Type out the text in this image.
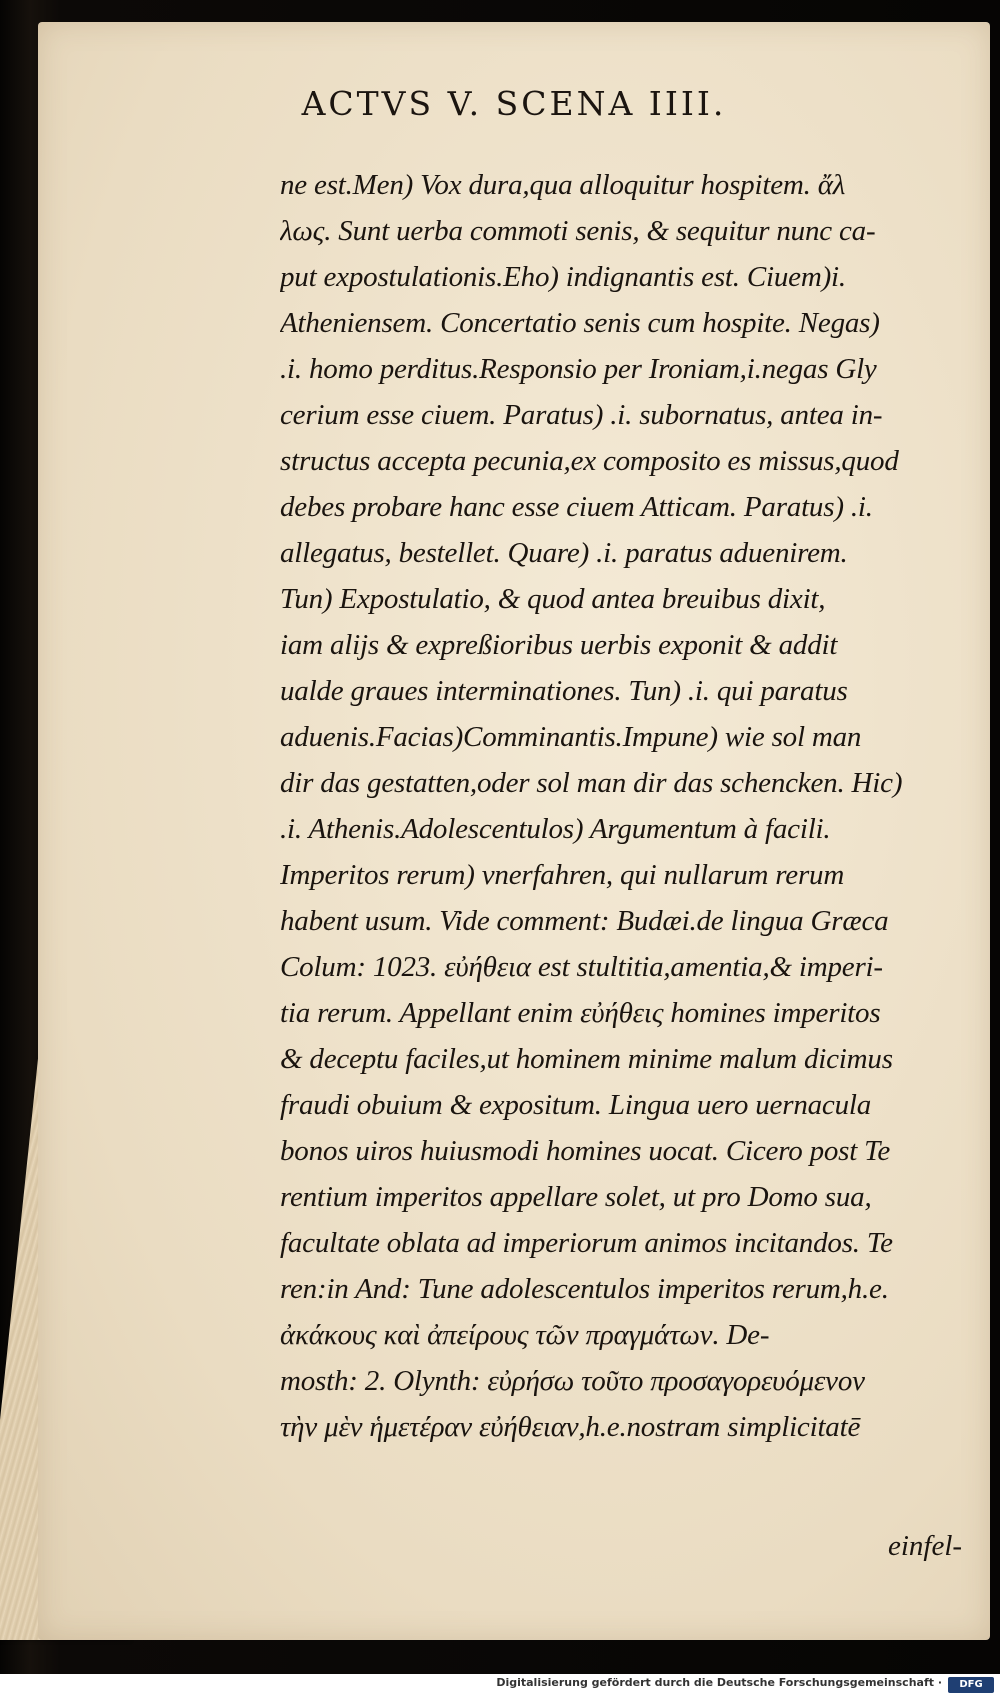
ACTVS V. SCENA IIII.
ne est.Men) Vox dura,qua alloquitur hospitem. ἄλ
λως. Sunt uerba commoti senis, & sequitur nunc ca-
put expostulationis.Eho) indignantis est. Ciuem)i.
Atheniensem. Concertatio senis cum hospite. Negas)
.i. homo perditus.Responsio per Ironiam,i.negas Gly
cerium esse ciuem. Paratus) .i. subornatus, antea in-
structus accepta pecunia,ex composito es missus,quod
debes probare hanc esse ciuem Atticam. Paratus) .i.
allegatus, bestellet. Quare) .i. paratus aduenirem.
Tun) Expostulatio, & quod antea breuibus dixit,
iam alijs & expreßioribus uerbis exponit & addit
ualde graues interminationes. Tun) .i. qui paratus
aduenis.Facias)Comminantis.Impune) wie sol man
dir das gestatten,oder sol man dir das schencken. Hic)
.i. Athenis.Adolescentulos) Argumentum à facili.
Imperitos rerum) vnerfahren, qui nullarum rerum
habent usum. Vide comment: Budæi.de lingua Græca
Colum: 1023. εὐήθεια est stultitia,amentia,& imperi-
tia rerum. Appellant enim εὐήθεις homines imperitos
& deceptu faciles,ut hominem minime malum dicimus
fraudi obuium & expositum. Lingua uero uernacula
bonos uiros huiusmodi homines uocat. Cicero post Te
rentium imperitos appellare solet, ut pro Domo sua,
facultate oblata ad imperiorum animos incitandos. Te
ren:in And: Tune adolescentulos imperitos rerum,h.e.
ἀκάκους καὶ ἀπείρους τῶν πραγμάτων. De-
mosth: 2. Olynth: εὐρήσω τοῦτο προσαγορευόμενον
τὴν μὲν ἡμετέραν εὐήθειαν,h.e.nostram simplicitatē
einfel-
Digitalisierung gefördert durch die Deutsche Forschungsgemeinschaft ·	DFG
